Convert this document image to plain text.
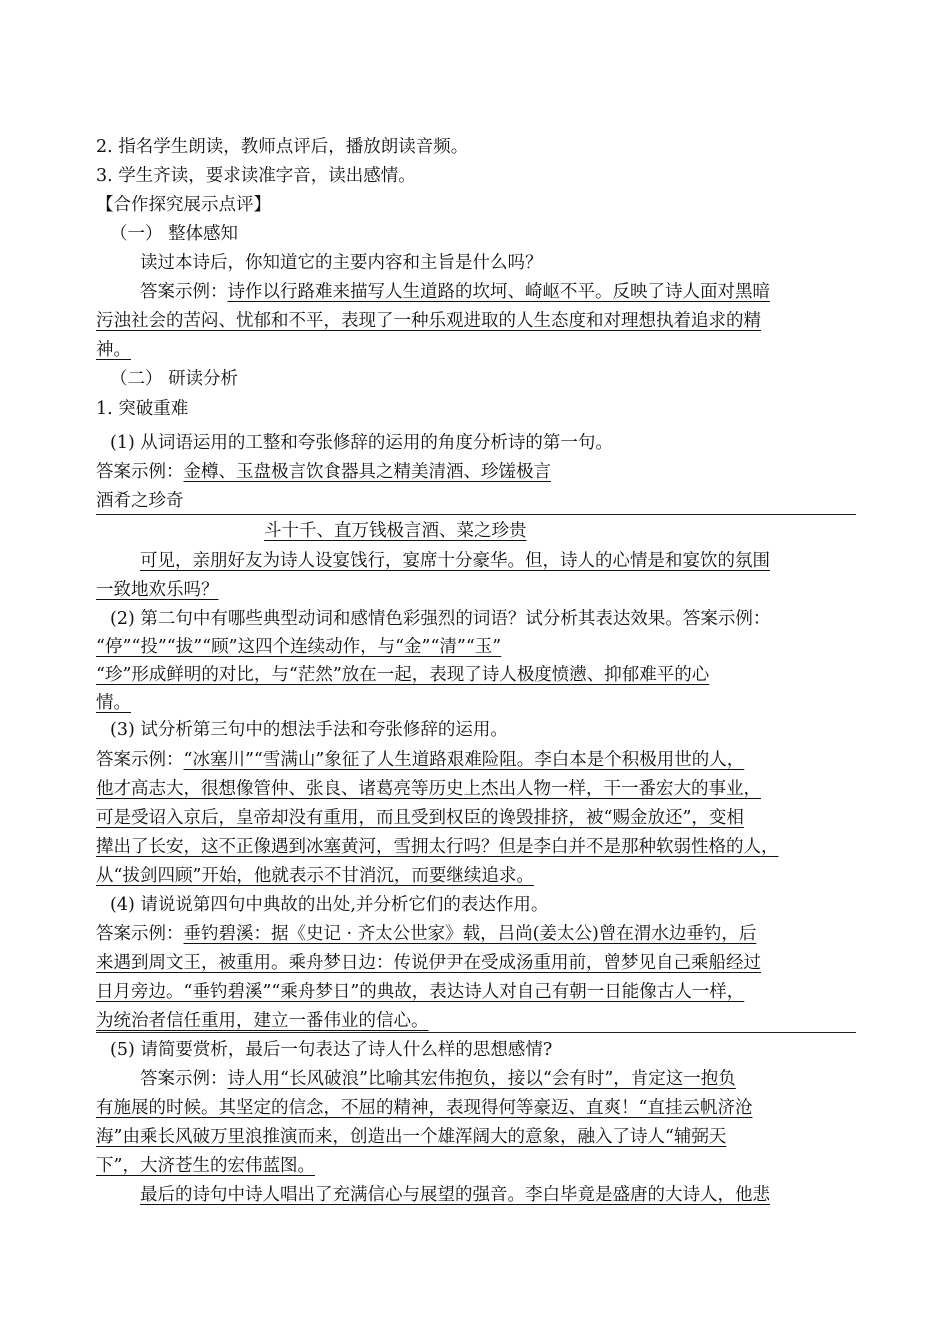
2. 指名学生朗读，教师点评后，播放朗读音频。
3. 学生齐读，要求读准字音，读出感情。
【合作探究展示点评】
（一） 整体感知
读过本诗后，你知道它的主要内容和主旨是什么吗？
答案示例：诗作以行路难来描写人生道路的坎坷、崎岖不平。反映了诗人面对黑暗
污浊社会的苦闷、忧郁和不平，表现了一种乐观进取的人生态度和对理想执着追求的精
神。
（二） 研读分析
1. 突破重难
(1) 从词语运用的工整和夸张修辞的运用的角度分析诗的第一句。
答案示例：金樽、玉盘极言饮食器具之精美清酒、珍馐极言
酒肴之珍奇
斗十千、直万钱极言酒、菜之珍贵
可见，亲朋好友为诗人设宴饯行，宴席十分豪华。但，诗人的心情是和宴饮的氛围
一致地欢乐吗？
(2) 第二句中有哪些典型动词和感情色彩强烈的词语？试分析其表达效果。答案示例：
“停”“投”“拔”“顾”这四个连续动作，与“金”“清”“玉”
“珍”形成鲜明的对比，与“茫然”放在一起，表现了诗人极度愤懑、抑郁难平的心
情。
(3) 试分析第三句中的想法手法和夸张修辞的运用。
答案示例：“冰塞川”“雪满山”象征了人生道路艰难险阻。李白本是个积极用世的人，
他才高志大，很想像管仲、张良、诸葛亮等历史上杰出人物一样，干一番宏大的事业，
可是受诏入京后，皇帝却没有重用，而且受到权臣的谗毁排挤，被“赐金放还”，变相
撵出了长安，这不正像遇到冰塞黄河，雪拥太行吗？但是李白并不是那种软弱性格的人，
从“拔剑四顾”开始，他就表示不甘消沉，而要继续追求。
(4) 请说说第四句中典故的出处,并分析它们的表达作用。
答案示例：垂钓碧溪：据《史记 · 齐太公世家》载，吕尚(姜太公)曾在渭水边垂钓，后
来遇到周文王，被重用。乘舟梦日边：传说伊尹在受成汤重用前，曾梦见自己乘船经过
日月旁边。“垂钓碧溪”“乘舟梦日”的典故，表达诗人对自己有朝一日能像古人一样，
为统治者信任重用，建立一番伟业的信心。
(5) 请简要赏析，最后一句表达了诗人什么样的思想感情?
答案示例：诗人用“长风破浪”比喻其宏伟抱负，接以“会有时”，肯定这一抱负
有施展的时候。其坚定的信念，不屈的精神，表现得何等豪迈、直爽！“直挂云帆济沧
海”由乘长风破万里浪推演而来，创造出一个雄浑阔大的意象，融入了诗人“辅弼天
下”，大济苍生的宏伟蓝图。
最后的诗句中诗人唱出了充满信心与展望的强音。李白毕竟是盛唐的大诗人，他悲
